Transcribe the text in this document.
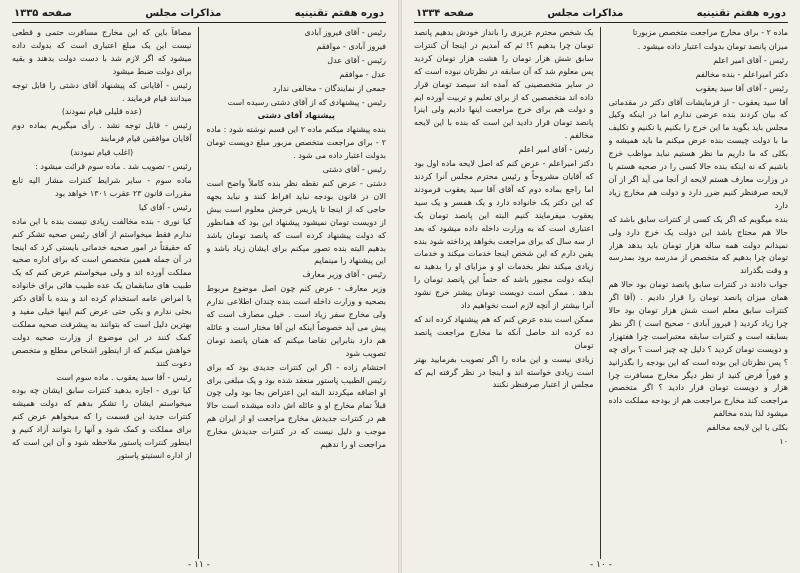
دوره هفتم تقنینیه
مذاکرات مجلس
صفحه ۱۳۳۵

رئیس - آقای فیروز آبادی

فیروز آبادی - موافقم

رئیس - آقای عدل

عدل - موافقم

جمعی از نمایندگان - مخالفی ندارد

رئیس - پیشنهادی که از آقای دشتی رسیده است

پیشنهاد آقای دشتی

بنده پیشنهاد میکنم ماده ۲ این قسم نوشته شود : ماده ۲ - برای مراجعت متخصص مزبور مبلغ دویست تومان بدولت اعتبار داده می شود .

رئیس - آقای دشتی

دشتی - عرض کنم نقطه نظر بنده کاملاً واضح است الان در قانون بودجه نباید افراط کنند و نباید بجهه حاجی که از اینجا تا پاریس خرجش معلوم است بیش از دویست تومان نمیشود پیشنهاد این بود که همانطور که دولت پیشنهاد کرده است که پانصد تومان باشد بدهیم البته بنده تصور میکنم برای ایشان زیاد باشد و این پیشنهاد را مینمایم

رئیس - آقای وزیر معارف

وزیر معارف - عرض کنم چون اصل موضوع مربوط بصحیه و وزارت داخله است بنده چندان اطلاعی ندارم ولی مخارج سفر زیاد است . خیلی مصارف است که پیش می آید خصوصاً اینکه این آقا مختار است و عائله هم دارد بنابراین تقاضا میکنم که همان پانصد تومان تصویب شود

احتشام زاده - اگر این کنترات جدیدی بود که برای رئیس الطبیب پاستور منعقد شده بود و یک مبلغی برای او اضافه میکردند البته این اعتراض بجا بود ولی چون قبلاً تمام مخارج او و عائله اش داده میشده است حالا هم در کنترات جدیدش مخارج مراجعت او از ایران هم موجب و دلیل نیست که در کنترات جدیدش مخارج مراجعت او را ندهیم

مصافاً باین که این مخارج مسافرت حتمی و قطعی نیست این یک مبلغ اعتباری است که بدولت داده میشود که اگر لازم شد با دست دولت بدهند و بقیه برای دولت ضبط میشود

رئیس - آقایانی که پیشنهاد آقای دشتی را قابل توجه میدانند قیام فرمایند .

(عده قلیلی قیام نمودند)

رئیس - قابل توجه نشد . رأی میگیریم بماده دوم آقایان موافقین قیام فرمایند

(اغلب قیام نمودند)

رئیس - تصویب شد . ماده سوم قرائت میشود :

ماده سوم - سایر شرایط کنترات مشار الیه تابع مقررات قانون ۲۳ عقرب ۱۳۰۱ خواهد بود

رئیس - آقای کیا

کیا نوری - بنده مخالفت زیادی نیست بنده با این ماده ندارم فقط میخواستم از آقای رئیس صحیه تشکر کنم که حقیقتاً در امور صحیه خدماتی بایستی کرد که اینجا در آن جمله همین متخصص است که برای اداره صحیه مملکت آورده اند و ولی میخواستم عرض کنم که یک طبیب های سابقمان یک عده طبیب هائی برای خانواده یا امراض عامه استخدام کرده اند و بنده با آقای دکتر بحثی ندارم و یکی حتی عرض کنم اینها خیلی مفید و بهترین دلیل است که بتوانند به پیشرفت صحیه مملکت کمک کنند در این موضوع از وزارت صحیه دولت خواهش میکنم که از اینطور اشخاص مطلع و متخصص دعوت کنند

رئیس - آقا سید یعقوب . ماده سوم است

کیا نوری - اجازه بدهید کنترات سابق ایشان چه بوده میخواستم ایشان را تشکر بدهم که دولت همیشه کنترات جدید این قسمت را که میخواهم عرض کنم برای مملکت و کمک شود و آنها را بتوانند آزاد کنیم و اینطور کنترات پاستور ملاحظه شود و آن این است که از اداره انستیتو پاستور

- ۱۱ -
دوره هفتم تقنینیه
مذاکرات مجلس
صفحه ۱۳۳۴

ماده ۲ - برای مخارج مراجعت متخصص مزبورتا

میزان پانصد تومان بدولت اعتبار داده میشود .

رئیس - آقای امیر اعلم

دکتر امیراعلم - بنده مخالفم

رئیس - آقای آقا سید یعقوب

آقا سید یعقوب - از فرمایشات آقای دکتر در مقدماتی که بیان کردند بنده عرضی ندارم اما در اینکه وکیل مجلس باید بگوید ما این خرج را بکنیم یا نکنیم و تکلیف ما با دولت چیست بنده عرض میکنم ما باید همیشه و بکلی که ما داریم ما نظر هستیم نباید مواظب خرج باشیم که نه اینکه بنده حالا کسی را در صحیه هستم یا در وزارت معارف هستم لایحه از آنجا می آید اگر از آن لایحه صرفنظر کنیم ضرر دارد و دولت هم مخارج زیاد دارد

بنده میگویم که اگر یک کسی از کنترات سابق باشد که حالا هم محتاج باشد این دولت یک خرج دارد ولی نمیدانم دولت همه ساله هزار تومان باید بدهد هزار تومان چرا بدهیم که متخصص از مدرسه برود بمدرسه و وقت بگذراند

جواب دادند در کنترات سابق پانصد تومان بود حالا هم همان میزان پانصد تومان را قرار دادیم . (آقا اگر کنترات سابق معلم است شش هزار تومان بود حالا چرا زیاد کردید ( فیروز آبادی - صحیح است ) اگر نظر بسابقه است و کنترات سابقه معتبراست چرا هفتهزار و دویست تومان کردید ؟ دلیل چه چیز است ؟ برای چه ؟ پس نظرتان این بوده است که این بودجه را بگذرانید و فوراً فرض کنید از نظر دیگر مخارج مسافرت چرا هزار و دویست تومان قرار دادید ؟ اگر متخصص مراجعت کند مخارج مراجعت هم از بودجه مملکت داده میشود لذا بنده مخالفم

بکلی با این لایحه مخالفم

۱۰

یک شخص محترم عزیزی را بانداز خودش بدهیم پانصد تومان چرا بدهیم ؟! ثم که آمدیم در اینجا آن کنترات سابق شش هزار تومان را هشت هزار تومان کردید پس معلوم شد که آن سابقه در نظرتان نبوده است که در سایر متخصصینی که آمده اند سیصد تومان قرار داده اند متخصصین که از برای تعلیم و تربیت آورده ایم و دولت هم برای خرج مراجعت اینها دادیم ولی اینرا پانصد تومان قرار دادید این است که بنده با این لایحه مخالفم .

رئیس - آقای امیر اعلم

دکتر امیراعلم - عرض کنم که اصل لایحه ماده اول بود که آقایان مشروحاً و رئیس محترم مجلس آنرا کردند اما راجع بماده دوم که آقای آقا سید یعقوب فرمودند که این دکتر یک خانواده دارد و یک همسر و یک سید یعقوب میفرمایند کنیم البته این پانصد تومان یک اعتباری است که به وزارت داخله داده میشود که بعد از سه سال که برای مراجعت بخواهد پرداخته شود بنده یقین دارم که این شخص اینجا خدمات میکند و خدمات زیادی میکند نظر بخدمات او و مزایای او را بدهید نه اینکه دولت مجبور باشد که حتماً این پانصد تومان را بدهد . ممکن است دویست تومان بیشتر خرج نشود آنرا بیشتر از آنچه لازم است نخواهیم داد

ممکن است بنده عرض کنم که هم پیشنهاد کرده اند که ده کرده اند حاصل آنکه ما مخارج مراجعت پانصد تومان

زیادی نیست و این ماده را اگر تصویب بفرمایید بهتر است زیادی خواسته اند و اینجا در نظر گرفته ایم که مجلس از اعتبار صرفنظر نکنند

- ۱۰ -
